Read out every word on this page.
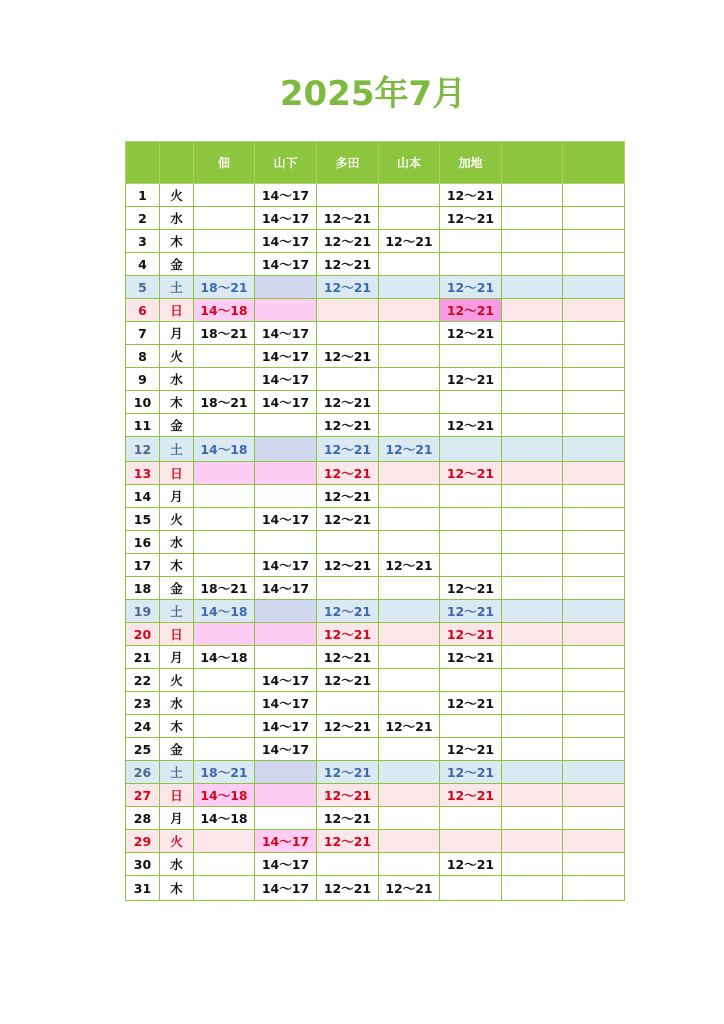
2025年7月
		佃	山下	多田	山本	加地		
1	火		14〜17			12〜21		
2	水		14〜17	12〜21		12〜21		
3	木		14〜17	12〜21	12〜21			
4	金		14〜17	12〜21				
5	土	18〜21		12〜21		12〜21		
6	日	14〜18				12〜21		
7	月	18〜21	14〜17			12〜21		
8	火		14〜17	12〜21				
9	水		14〜17			12〜21		
10	木	18〜21	14〜17	12〜21				
11	金			12〜21		12〜21		
12	土	14〜18		12〜21	12〜21			
13	日			12〜21		12〜21		
14	月			12〜21				
15	火		14〜17	12〜21				
16	水							
17	木		14〜17	12〜21	12〜21			
18	金	18〜21	14〜17			12〜21		
19	土	14〜18		12〜21		12〜21		
20	日			12〜21		12〜21		
21	月	14〜18		12〜21		12〜21		
22	火		14〜17	12〜21				
23	水		14〜17			12〜21		
24	木		14〜17	12〜21	12〜21			
25	金		14〜17			12〜21		
26	土	18〜21		12〜21		12〜21		
27	日	14〜18		12〜21		12〜21		
28	月	14〜18		12〜21				
29	火		14〜17	12〜21				
30	水		14〜17			12〜21		
31	木		14〜17	12〜21	12〜21			
